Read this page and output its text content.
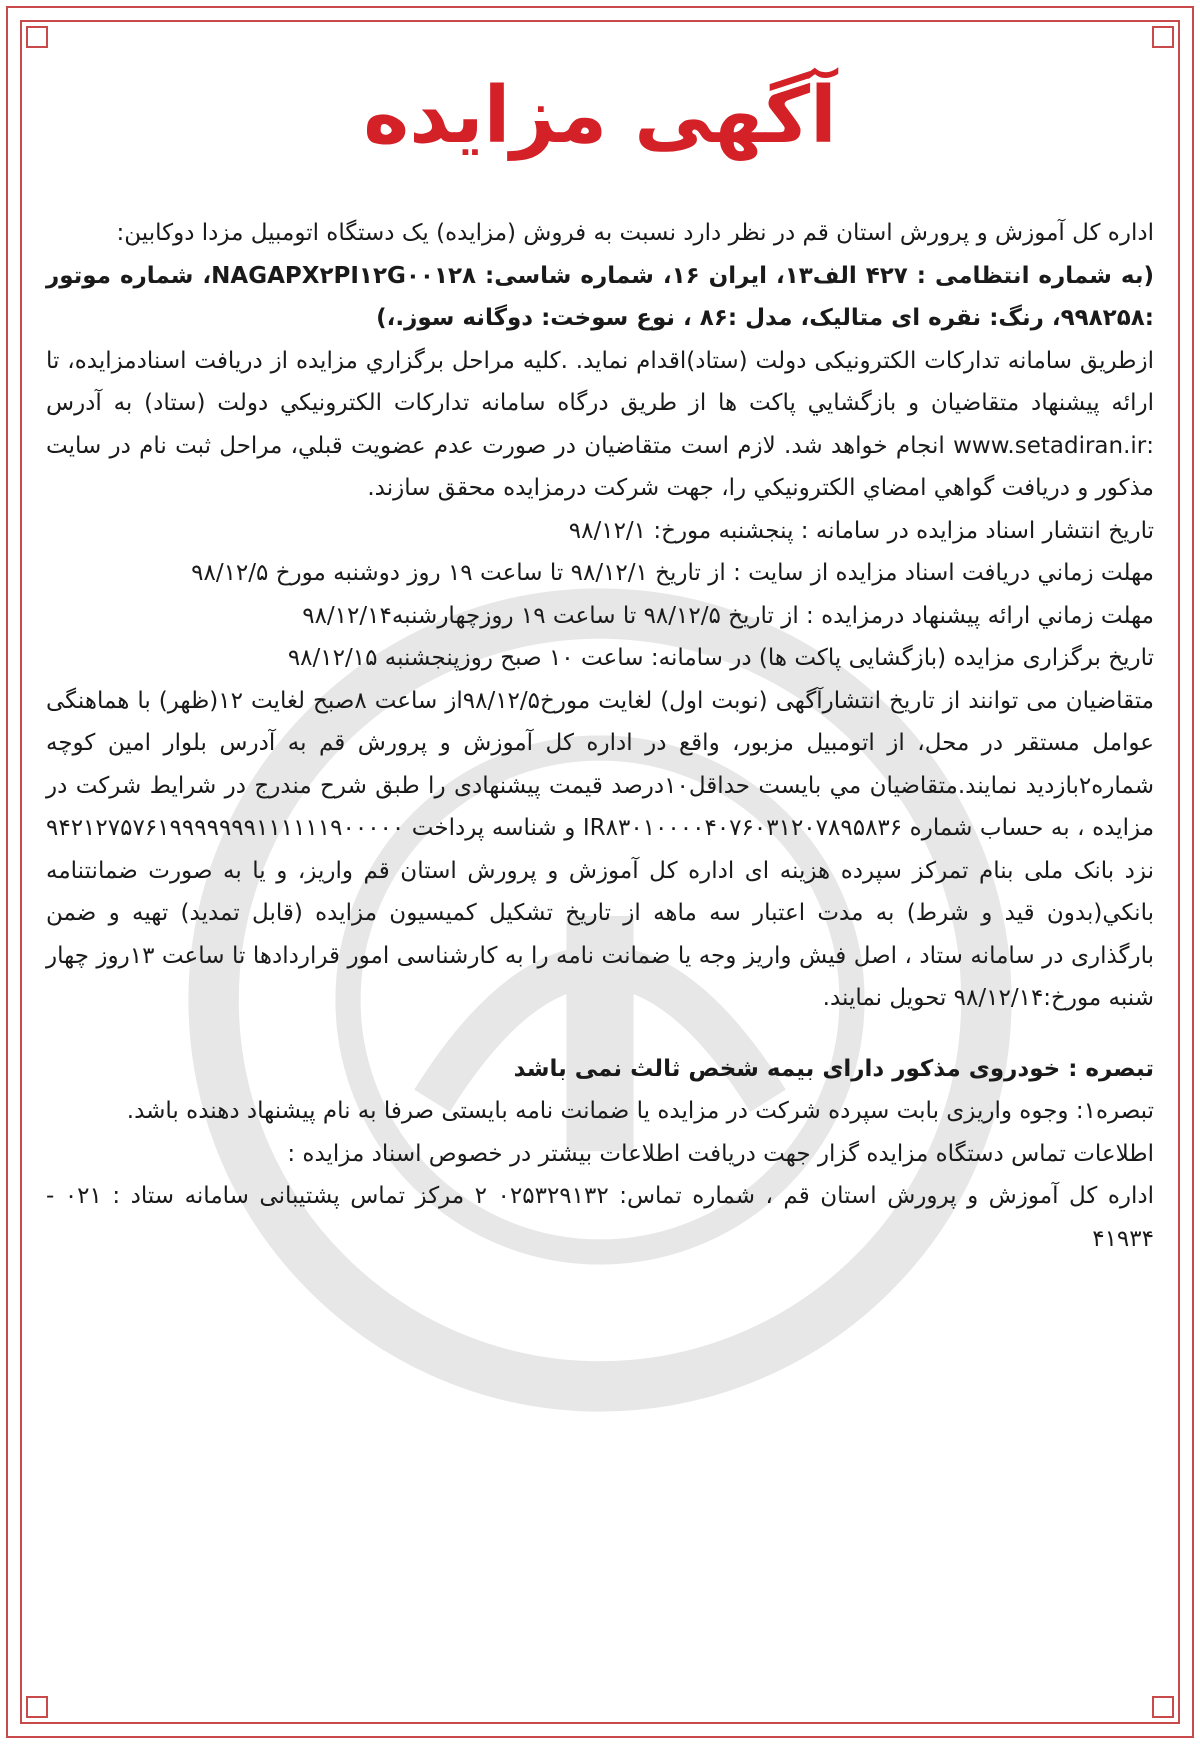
آگهی مزایده

اداره کل آموزش و پرورش استان قم در نظر دارد نسبت به فروش (مزایده) یک دستگاه اتومبیل مزدا دوکابین:

(به شماره انتظامی : ۴۲۷ الف۱۳، ایران ۱۶، شماره شاسی: NAGAPX۲PI۱۲G۰۰۱۲۸، شماره موتور :۹۹۸۲۵۸، رنگ: نقره ای متالیک، مدل :۸۶ ، نوع سوخت: دوگانه سوز.،)

ازطریق سامانه تدارکات الکترونیکی دولت (ستاد)اقدام نماید. .کلیه مراحل برگزاري مزایده از دریافت اسنادمزایده، تا ارائه پیشنهاد متقاضیان و بازگشايي پاکت ها از طریق درگاه سامانه تداركات الکترونيکي دولت (ستاد) به آدرس :www.setadiran.ir انجام خواهد شد. لازم است متقاضيان در صورت عدم عضويت قبلي، مراحل ثبت نام در سايت مذکور و دريافت گواهي امضاي الکترونيکي را، جهت شرکت درمزایده محقق سازند.

تاریخ انتشار اسناد مزایده در سامانه : پنجشنبه مورخ: ۹۸/۱۲/۱

مهلت زماني دريافت اسناد مزایده از سايت : از تاریخ ۹۸/۱۲/۱ تا ساعت ۱۹ روز دوشنبه مورخ ۹۸/۱۲/۵

مهلت زماني ارائه پيشنهاد درمزایده : از تاریخ ۹۸/۱۲/۵ تا ساعت ۱۹ روزچهارشنبه۹۸/۱۲/۱۴

تاریخ برگزاری مزایده (بازگشایی پاکت ها) در سامانه: ساعت ۱۰ صبح روزپنجشنبه ۹۸/۱۲/۱۵

متقاضیان می توانند از تاریخ انتشارآگهی (نوبت اول) لغایت مورخ۹۸/۱۲/۵از ساعت ۸صبح لغایت ۱۲(ظهر) با هماهنگی عوامل مستقر در محل، از اتومبیل مزبور، واقع در اداره کل آموزش و پرورش قم به آدرس بلوار امین کوچه شماره۲بازدید نمایند.متقاضیان مي بایست حداقل۱۰درصد قیمت پیشنهادی را طبق شرح مندرج در شرایط شرکت در مزایده ، به حساب شماره IR۸۳۰۱۰۰۰۰۴۰۷۶۰۳۱۲۰۷۸۹۵۸۳۶ و شناسه پرداخت ۹۴۲۱۲۷۵۷۶۱۹۹۹۹۹۹۹۱۱۱۱۱۱۹۰۰۰۰۰ نزد بانک ملی بنام تمرکز سپرده هزینه ای اداره کل آموزش و پرورش استان قم واریز، و یا به صورت ضمانتنامه بانکي(بدون قید و شرط) به مدت اعتبار سه ماهه از تاریخ تشکیل کمیسیون مزایده (قابل تمدید) تهیه و ضمن بارگذاری در سامانه ستاد ، اصل فیش واریز وجه یا ضمانت نامه را به کارشناسی امور قراردادها تا ساعت ۱۳روز چهار شنبه مورخ:۹۸/۱۲/۱۴ تحویل نمایند.

تبصره : خودروی مذکور دارای بیمه شخص ثالث نمی باشد

تبصره۱: وجوه واریزی بابت سپرده شرکت در مزایده یا ضمانت نامه بایستی صرفا به نام پیشنهاد دهنده باشد.

اطلاعات تماس دستگاه مزایده گزار جهت دریافت اطلاعات بیشتر در خصوص اسناد مزایده :

اداره کل آموزش و پرورش استان قم ، شماره تماس: ۰۲۵۳۲۹۱۳۲ ۲ مرکز تماس پشتیبانی سامانه ستاد : ۰۲۱ - ۴۱۹۳۴
